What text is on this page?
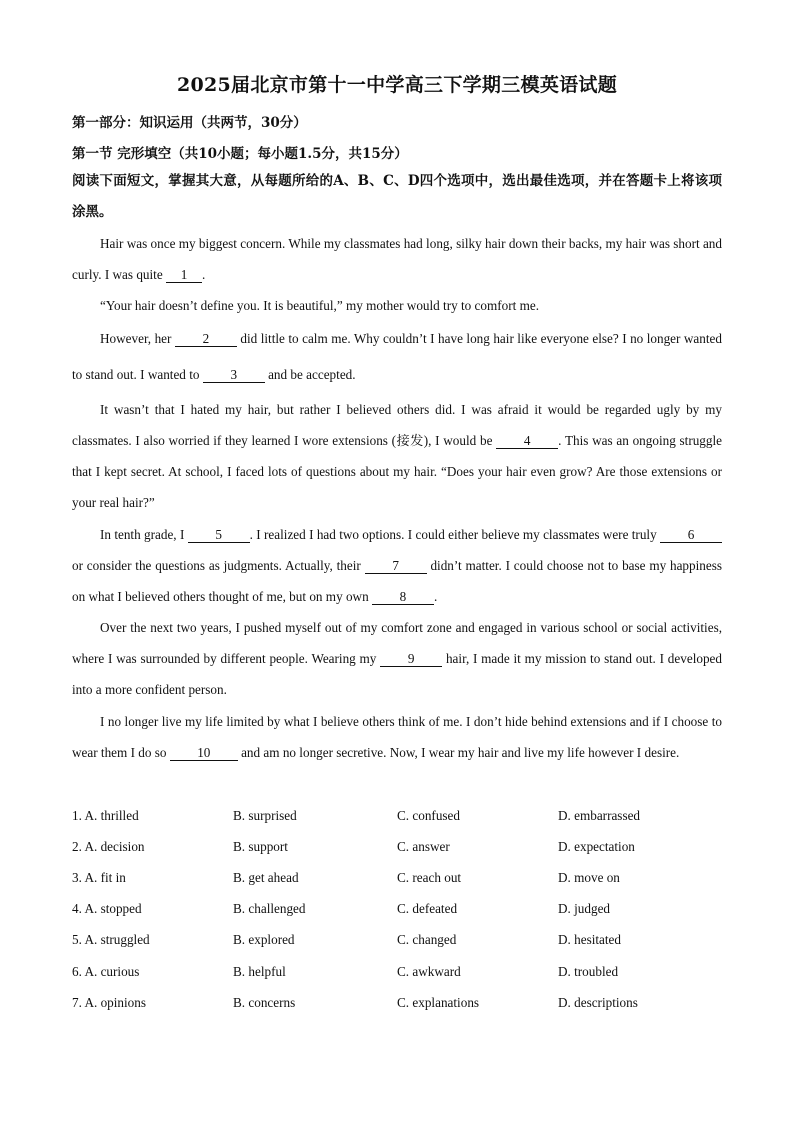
2025届北京市第十一中学高三下学期三模英语试题
第一部分：知识运用（共两节，30分）
第一节 完形填空（共10小题；每小题1.5分，共15分）
阅读下面短文，掌握其大意，从每题所给的A、B、C、D四个选项中，选出最佳选项，并在答题卡上将该项涂黑。
Hair was once my biggest concern. While my classmates had long, silky hair down their backs, my hair was short and curly. I was quite 1 .
“Your hair doesn’t define you. It is beautiful,” my mother would try to comfort me.
However, her 2 did little to calm me. Why couldn’t I have long hair like everyone else? I no longer wanted to stand out. I wanted to 3 and be accepted.
It wasn’t that I hated my hair, but rather I believed others did. I was afraid it would be regarded ugly by my classmates. I also worried if they learned I wore extensions (接发), I would be 4 . This was an ongoing struggle that I kept secret. At school, I faced lots of questions about my hair. “Does your hair even grow? Are those extensions or your real hair?”
In tenth grade, I 5 . I realized I had two options. I could either believe my classmates were truly 6 or consider the questions as judgments. Actually, their 7 didn’t matter. I could choose not to base my happiness on what I believed others thought of me, but on my own 8 .
Over the next two years, I pushed myself out of my comfort zone and engaged in various school or social activities, where I was surrounded by different people. Wearing my 9 hair, I made it my mission to stand out. I developed into a more confident person.
I no longer live my life limited by what I believe others think of me. I don’t hide behind extensions and if I choose to wear them I do so 10 and am no longer secretive. Now, I wear my hair and live my life however I desire.
1. A. thrilled	B. surprised	C. confused	D. embarrassed
2. A. decision	B. support	C. answer	D. expectation
3. A. fit in	B. get ahead	C. reach out	D. move on
4. A. stopped	B. challenged	C. defeated	D. judged
5. A. struggled	B. explored	C. changed	D. hesitated
6. A. curious	B. helpful	C. awkward	D. troubled
7. A. opinions	B. concerns	C. explanations	D. descriptions
